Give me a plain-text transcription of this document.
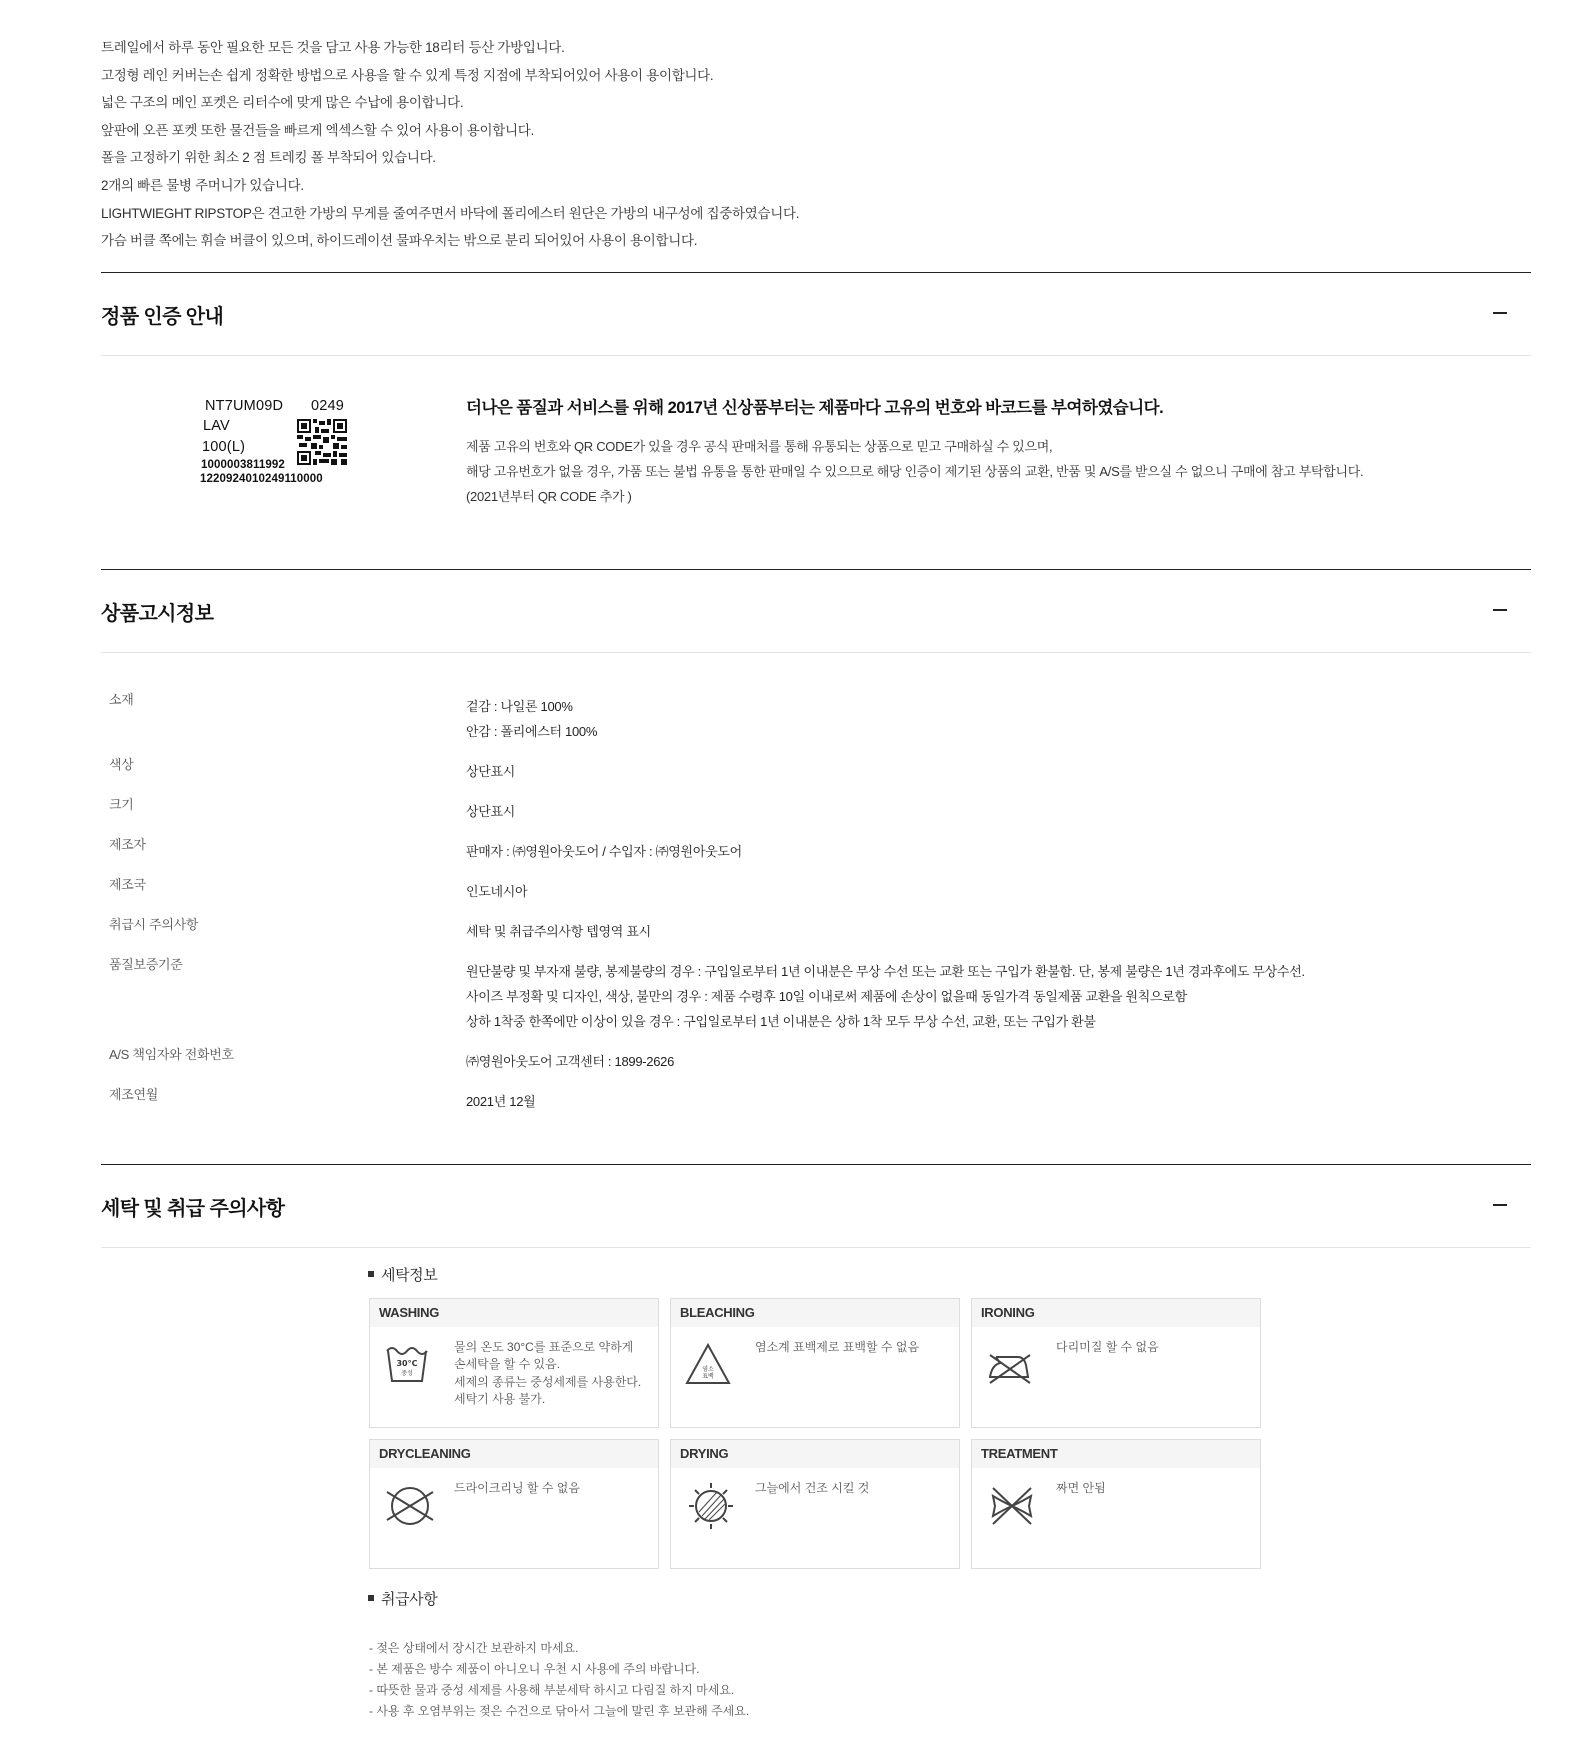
트레일에서 하루 동안 필요한 모든 것을 담고 사용 가능한 18리터 등산 가방입니다.

고정형 레인 커버는손 쉽게 정확한 방법으로 사용을 할 수 있게 특정 지점에 부착되어있어 사용이 용이합니다.

넓은 구조의 메인 포켓은 리터수에 맞게 많은 수납에 용이합니다.

앞판에 오픈 포켓 또한 물건들을 빠르게 엑섹스할 수 있어 사용이 용이합니다.

폴을 고정하기 위한 최소 2 점 트레킹 폴 부착되어 있습니다.

2개의 빠른 물병 주머니가 있습니다.

LIGHTWIEGHT RIPSTOP은 견고한 가방의 무게를 줄여주면서 바닥에 폴리에스터 원단은 가방의 내구성에 집중하였습니다.

가슴 버클 쪽에는 휘슬 버클이 있으며, 하이드레이션 물파우치는 밖으로 분리 되어있어 사용이 용이합니다.

정품 인증 안내
NT7UM09D 0249
LAV
100(L)
1000003811992
1220924010249110000
더나은 품질과 서비스를 위해 2017년 신상품부터는 제품마다 고유의 번호와 바코드를 부여하였습니다.

제품 고유의 번호와 QR CODE가 있을 경우 공식 판매처를 통해 유통되는 상품으로 믿고 구매하실 수 있으며,

해당 고유번호가 없을 경우, 가품 또는 불법 유통을 통한 판매일 수 있으므로 해당 인증이 제기된 상품의 교환, 반품 및 A/S를 받으실 수 없으니 구매에 참고 부탁합니다.

(2021년부터 QR CODE 추가 )

상품고시정보
소재	겉감 : 나일론 100%
안감 : 폴리에스터 100%
색상	상단표시
크기	상단표시
제조자	판매자 : ㈜영원아웃도어 / 수입자 : ㈜영원아웃도어
제조국	인도네시아
취급시 주의사항	세탁 및 취급주의사항 텝영역 표시
품질보증기준	원단불량 및 부자재 불량, 봉제불량의 경우 : 구입일로부터 1년 이내분은 무상 수선 또는 교환 또는 구입가 환불함. 단, 봉제 불량은 1년 경과후에도 무상수선.
사이즈 부정확 및 디자인, 색상, 불만의 경우 : 제품 수령후 10일 이내로써 제품에 손상이 없을때 동일가격 동일제품 교환을 원칙으로함
상하 1착중 한쪽에만 이상이 있을 경우 : 구입일로부터 1년 이내분은 상하 1착 모두 무상 수선, 교환, 또는 구입가 환불
A/S 책임자와 전화번호	㈜영원아웃도어 고객센터 : 1899-2626
제조연월	2021년 12월
세탁 및 취급 주의사항
세탁정보
WASHING
30°C
중성
물의 온도 30°C를 표준으로 약하게
손세탁을 할 수 있음.
세제의 종류는 중성세제를 사용한다.
세탁기 사용 불가.
BLEACHING
염소
표백
염소계 표백제로 표백할 수 없음
IRONING
다리미질 할 수 없음
DRYCLEANING
드라이크리닝 할 수 없음
DRYING
그늘에서 건조 시킬 것
TREATMENT
짜면 안됨
취급사항

- 젖은 상태에서 장시간 보관하지 마세요.

- 본 제품은 방수 제품이 아니오니 우천 시 사용에 주의 바랍니다.

- 따뜻한 물과 중성 세제를 사용해 부분세탁 하시고 다림질 하지 마세요.

- 사용 후 오염부위는 젖은 수건으로 닦아서 그늘에 말린 후 보관해 주세요.
